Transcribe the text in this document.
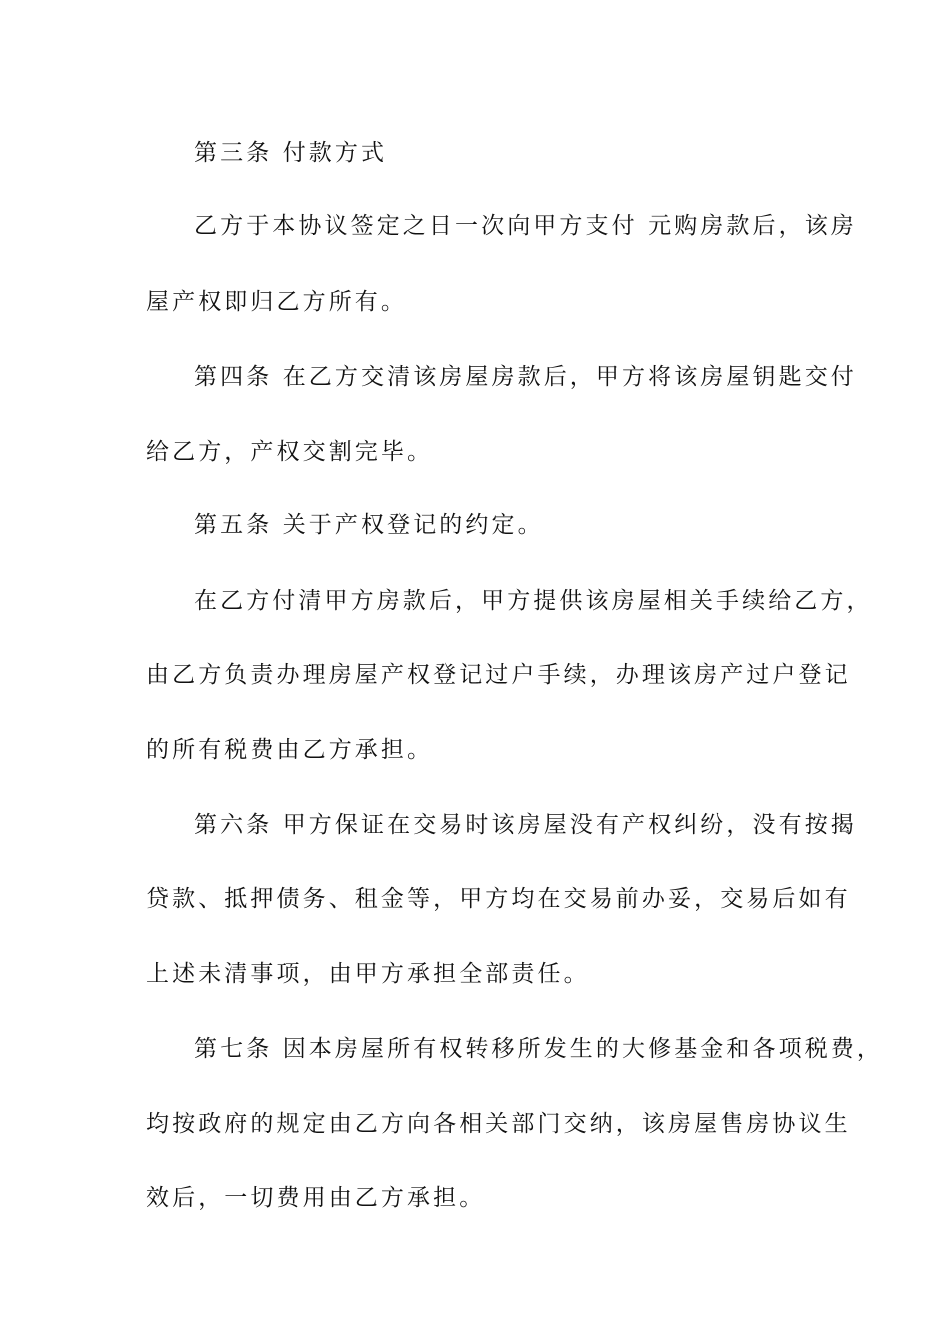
第三条 付款方式
乙方于本协议签定之日一次向甲方支付 元购房款后，该房
屋产权即归乙方所有。
第四条 在乙方交清该房屋房款后，甲方将该房屋钥匙交付
给乙方，产权交割完毕。
第五条 关于产权登记的约定。
在乙方付清甲方房款后，甲方提供该房屋相关手续给乙方，
由乙方负责办理房屋产权登记过户手续，办理该房产过户登记
的所有税费由乙方承担。
第六条 甲方保证在交易时该房屋没有产权纠纷，没有按揭
贷款、抵押债务、租金等，甲方均在交易前办妥，交易后如有
上述未清事项，由甲方承担全部责任。
第七条 因本房屋所有权转移所发生的大修基金和各项税费，
均按政府的规定由乙方向各相关部门交纳，该房屋售房协议生
效后，一切费用由乙方承担。
